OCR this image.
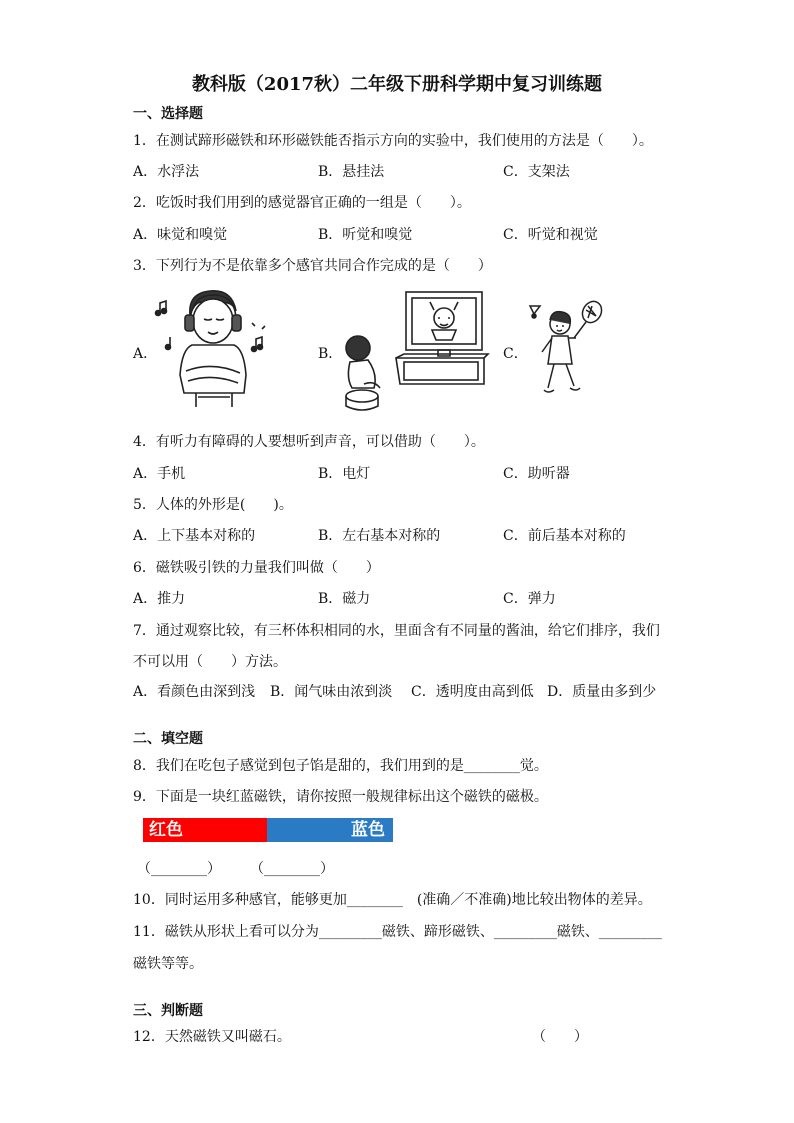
教科版（2017秋）二年级下册科学期中复习训练题
一、选择题
1．在测试蹄形磁铁和环形磁铁能否指示方向的实验中，我们使用的方法是（　　）。
A．水浮法	B．悬挂法	C．支架法
2．吃饭时我们用到的感觉器官正确的一组是（　　）。
A．味觉和嗅觉	B．听觉和嗅觉	C．听觉和视觉
3．下列行为不是依靠多个感官共同合作完成的是（　　）
A．	B．	C．
4．有听力有障碍的人要想听到声音，可以借助（　　）。
A．手机	B．电灯	C．助听器
5．人体的外形是(　　)。
A．上下基本对称的	B．左右基本对称的	C．前后基本对称的
6．磁铁吸引铁的力量我们叫做（　　）
A．推力	B．磁力	C．弹力
7．通过观察比较，有三杯体积相同的水，里面含有不同量的酱油，给它们排序，我们
不可以用（　　）方法。
A．看颜色由深到浅 B．闻气味由浓到淡 C．透明度由高到低 D．质量由多到少
二、填空题
8．我们在吃包子感觉到包子馅是甜的，我们用到的是________觉。
9．下面是一块红蓝磁铁，请你按照一般规律标出这个磁铁的磁极。
红色	蓝色
（________） （________）
10．同时运用多种感官，能够更加________　(准确／不准确)地比较出物体的差异。
11．磁铁从形状上看可以分为_________磁铁、蹄形磁铁、_________磁铁、_________
磁铁等等。
三、判断题
12．天然磁铁又叫磁石。	（　　）
